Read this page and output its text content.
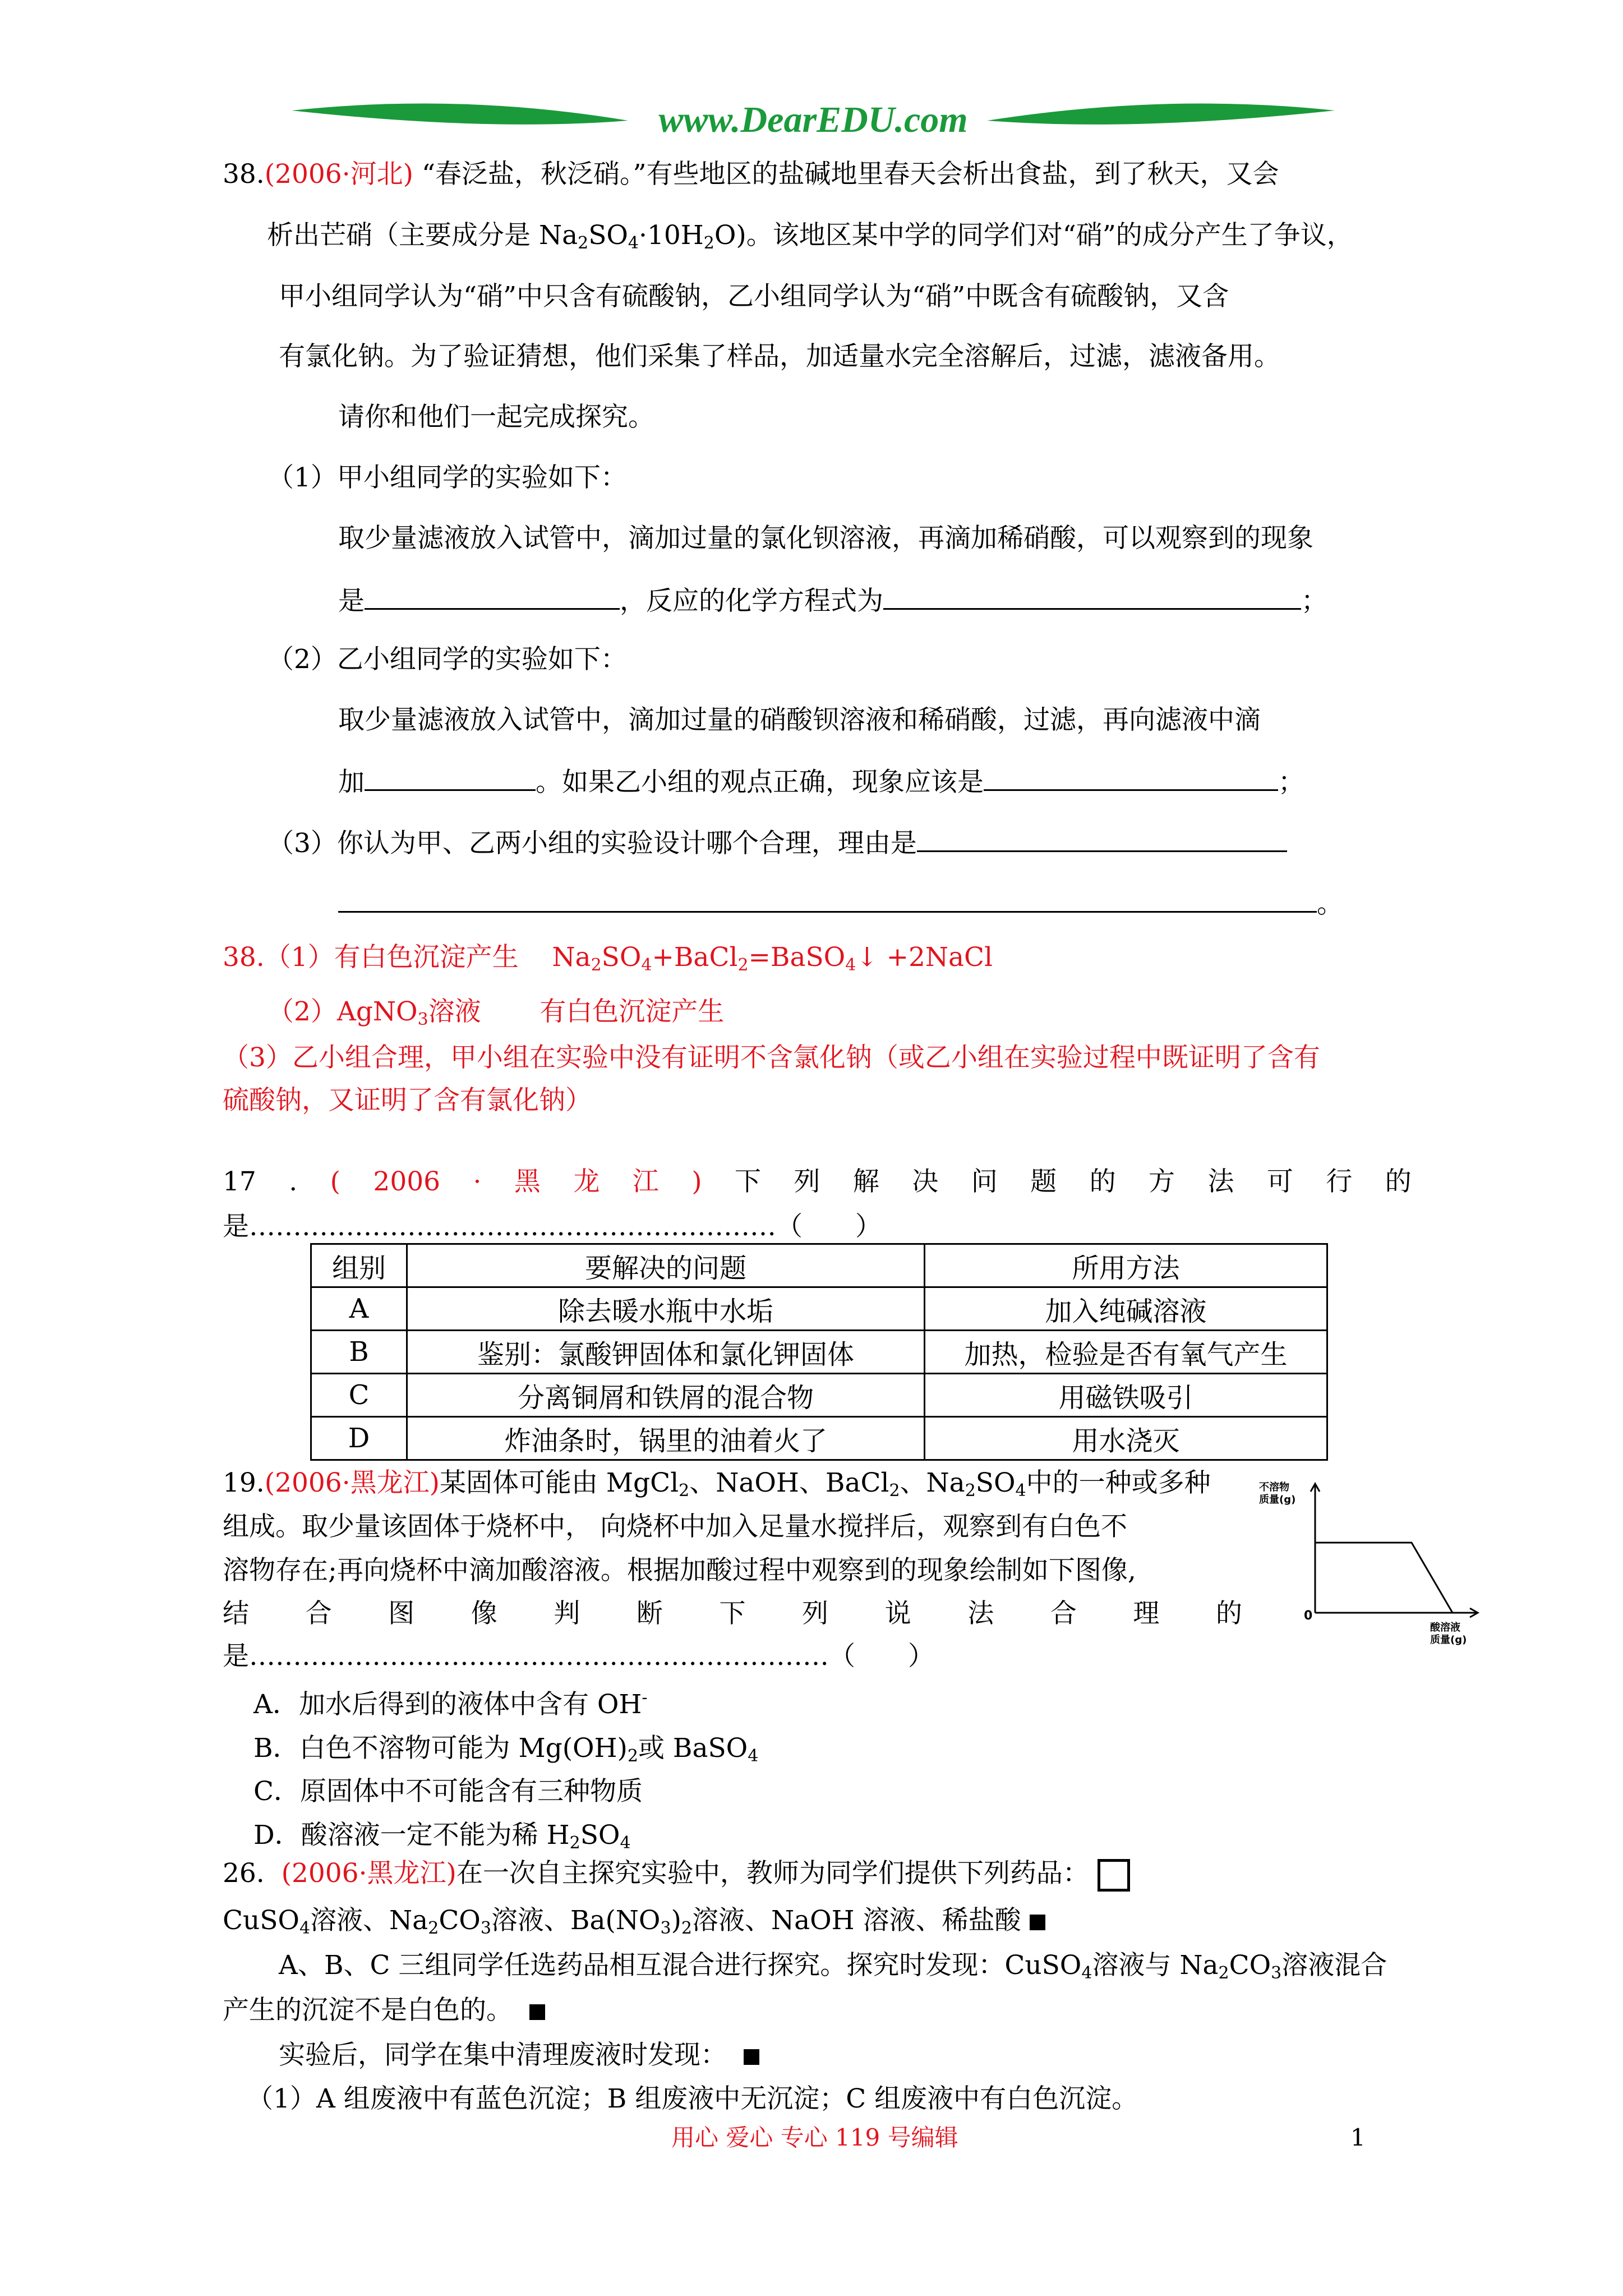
www.DearEDU.com
38.(2006·河北) “春泛盐，秋泛硝。”有些地区的盐碱地里春天会析出食盐，到了秋天，又会
析出芒硝（主要成分是 $Na_2SO_4\cdot 10H_2O$)。该地区某中学的同学们对“硝”的成分产生了争议，
甲小组同学认为“硝”中只含有硫酸钠，乙小组同学认为“硝”中既含有硫酸钠，又含
有氯化钠。为了验证猜想，他们采集了样品，加适量水完全溶解后，过滤，滤液备用。
请你和他们一起完成探究。
（1）甲小组同学的实验如下：
取少量滤液放入试管中，滴加过量的氯化钡溶液，再滴加稀硝酸，可以观察到的现象
是	，反应的化学方程式为	；
（2）乙小组同学的实验如下：
取少量滤液放入试管中，滴加过量的硝酸钡溶液和稀硝酸，过滤，再向滤液中滴
加	。如果乙小组的观点正确，现象应该是	；
（3）你认为甲、乙两小组的实验设计哪个合理，理由是
。
38.（1）有白色沉淀产生 $Na_2SO_4+BaCl_2=BaSO_4↓$ +2NaCl
（2）AgNO$_3$溶液 有白色沉淀产生
（3）乙小组合理，甲小组在实验中没有证明不含氯化钠（或乙小组在实验过程中既证明了含有
硫酸钠，又证明了含有氯化钠）
17 . ( 2006 · 黑 龙 江 ) 下 列 解 决 问 题 的 方 法 可 行 的
是……………………………………………………（　　）
组别	要解决的问题	所用方法
A	除去暖水瓶中水垢	加入纯碱溶液
B	鉴别：氯酸钾固体和氯化钾固体	加热，检验是否有氧气产生
C	分离铜屑和铁屑的混合物	用磁铁吸引
D	炸油条时，锅里的油着火了	用水浇灭
19.(2006·黑龙江)某固体可能由 MgCl$_2$、NaOH、BaCl$_2$、$Na_2SO_4$中的一种或多种
组成。取少量该固体于烧杯中， 向烧杯中加入足量水搅拌后，观察到有白色不
溶物存在;再向烧杯中滴加酸溶液。根据加酸过程中观察到的现象绘制如下图像,
结 合 图 像 判 断 下 列 说 法 合 理 的
是…………………………………………………………（　　）
A．加水后得到的液体中含有 OH-
B．白色不溶物可能为 $Mg(OH)_2$或 BaSO$_4$
C．原固体中不可能含有三种物质
D．酸溶液一定不能为稀 $H_2SO_4$
不溶物
质量(g)
0
酸溶液
质量(g)
26. (2006·黑龙江)在一次自主探究实验中，教师为同学们提供下列药品：
CuSO$_4$溶液、$Na_2CO_3$溶液、$Ba(NO_3)_2$溶液、NaOH 溶液、稀盐酸
A、B、C 三组同学任选药品相互混合进行探究。探究时发现：CuSO$_4$溶液与 $Na_2CO_3$溶液混合
产生的沉淀不是白色的。
实验后，同学在集中清理废液时发现：
（1）A 组废液中有蓝色沉淀；B 组废液中无沉淀；C 组废液中有白色沉淀。
用心 爱心 专心 119 号编辑	1
